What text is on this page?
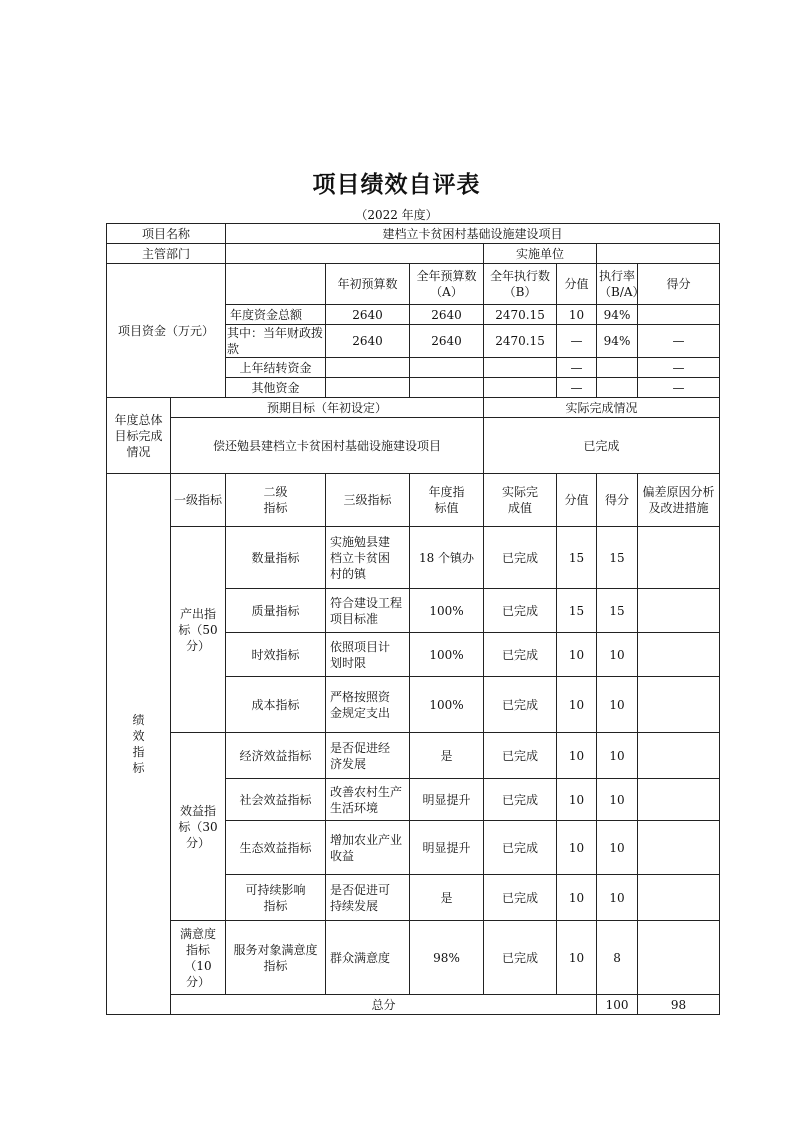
项目绩效自评表
（2022 年度）
项目名称		建档立卡贫困村基础设施建设项目							
主管部门					实施单位				
项目资金（万元）			年初预算数	全年预算数（A）	全年执行数（B）	分值	执行率（B/A）	得分	
		年度资金总额	2640	2640	2470.15	10	94%		
		其中：当年财政拨款	2640	2640	2470.15	—	94%	—	
		上年结转资金				—		—	
		其他资金				—		—	
年度总体目标完成情况	预期目标（年初设定）				实际完成情况				
	偿还勉县建档立卡贫困村基础设施建设项目				已完成				
绩效指标	一级指标	二级指标	三级指标	年度指标值	实际完成值	分值	得分	偏差原因分析及改进措施	
	产出指标（50分）	数量指标	实施勉县建档立卡贫困村的镇	18 个镇办	已完成	15	15		
		质量指标	符合建设工程项目标准	100%	已完成	15	15		
		时效指标	依照项目计划时限	100%	已完成	10	10		
		成本指标	严格按照资金规定支出	100%	已完成	10	10		
	效益指标（30分）	经济效益指标	是否促进经济发展	是	已完成	10	10		
		社会效益指标	改善农村生产生活环境	明显提升	已完成	10	10		
		生态效益指标	增加农业产业收益	明显提升	已完成	10	10		
		可持续影响指标	是否促进可持续发展	是	已完成	10	10		
	满意度指标（10分）	服务对象满意度指标	群众满意度	98%	已完成	10	8		
	总分						100	98	
